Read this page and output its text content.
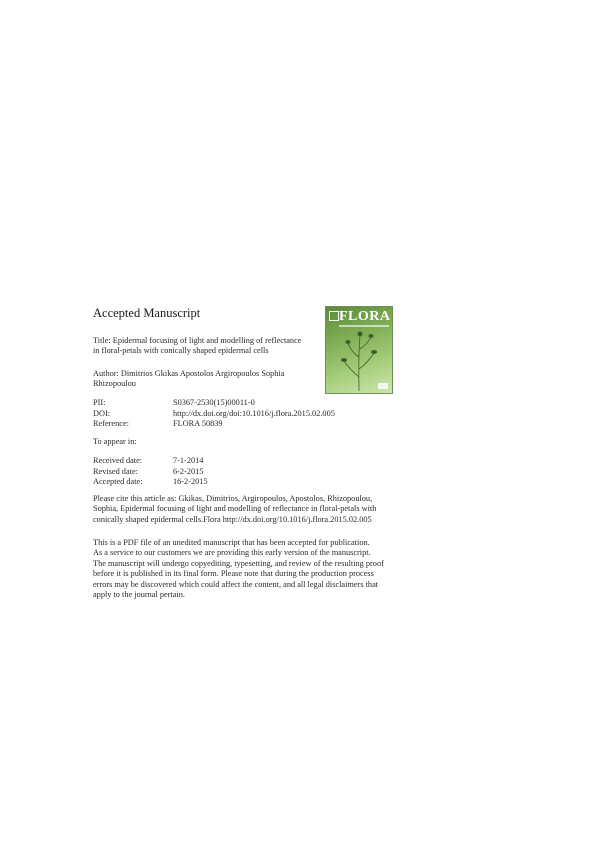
Accepted Manuscript
Title: Epidermal focusing of light and modelling of reflectance
in floral-petals with conically shaped epidermal cells
Author: Dimitrios Gkikas Apostolos Argiropoulos Sophia
Rhizopoulou
PII:	S0367-2530(15)00011-0
DOI:	http://dx.doi.org/doi:10.1016/j.flora.2015.02.005
Reference:	FLORA 50839
To appear in:
Received date:	7-1-2014
Revised date:	6-2-2015
Accepted date:	16-2-2015
Please cite this article as: Gkikas, Dimitrios, Argiropoulos, Apostolos, Rhizopoulou,
Sophia, Epidermal focusing of light and modelling of reflectance in floral-petals with
conically shaped epidermal cells.Flora http://dx.doi.org/10.1016/j.flora.2015.02.005
This is a PDF file of an unedited manuscript that has been accepted for publication.
As a service to our customers we are providing this early version of the manuscript.
The manuscript will undergo copyediting, typesetting, and review of the resulting proof
before it is published in its final form. Please note that during the production process
errors may be discovered which could affect the content, and all legal disclaimers that
apply to the journal pertain.
FLORA
